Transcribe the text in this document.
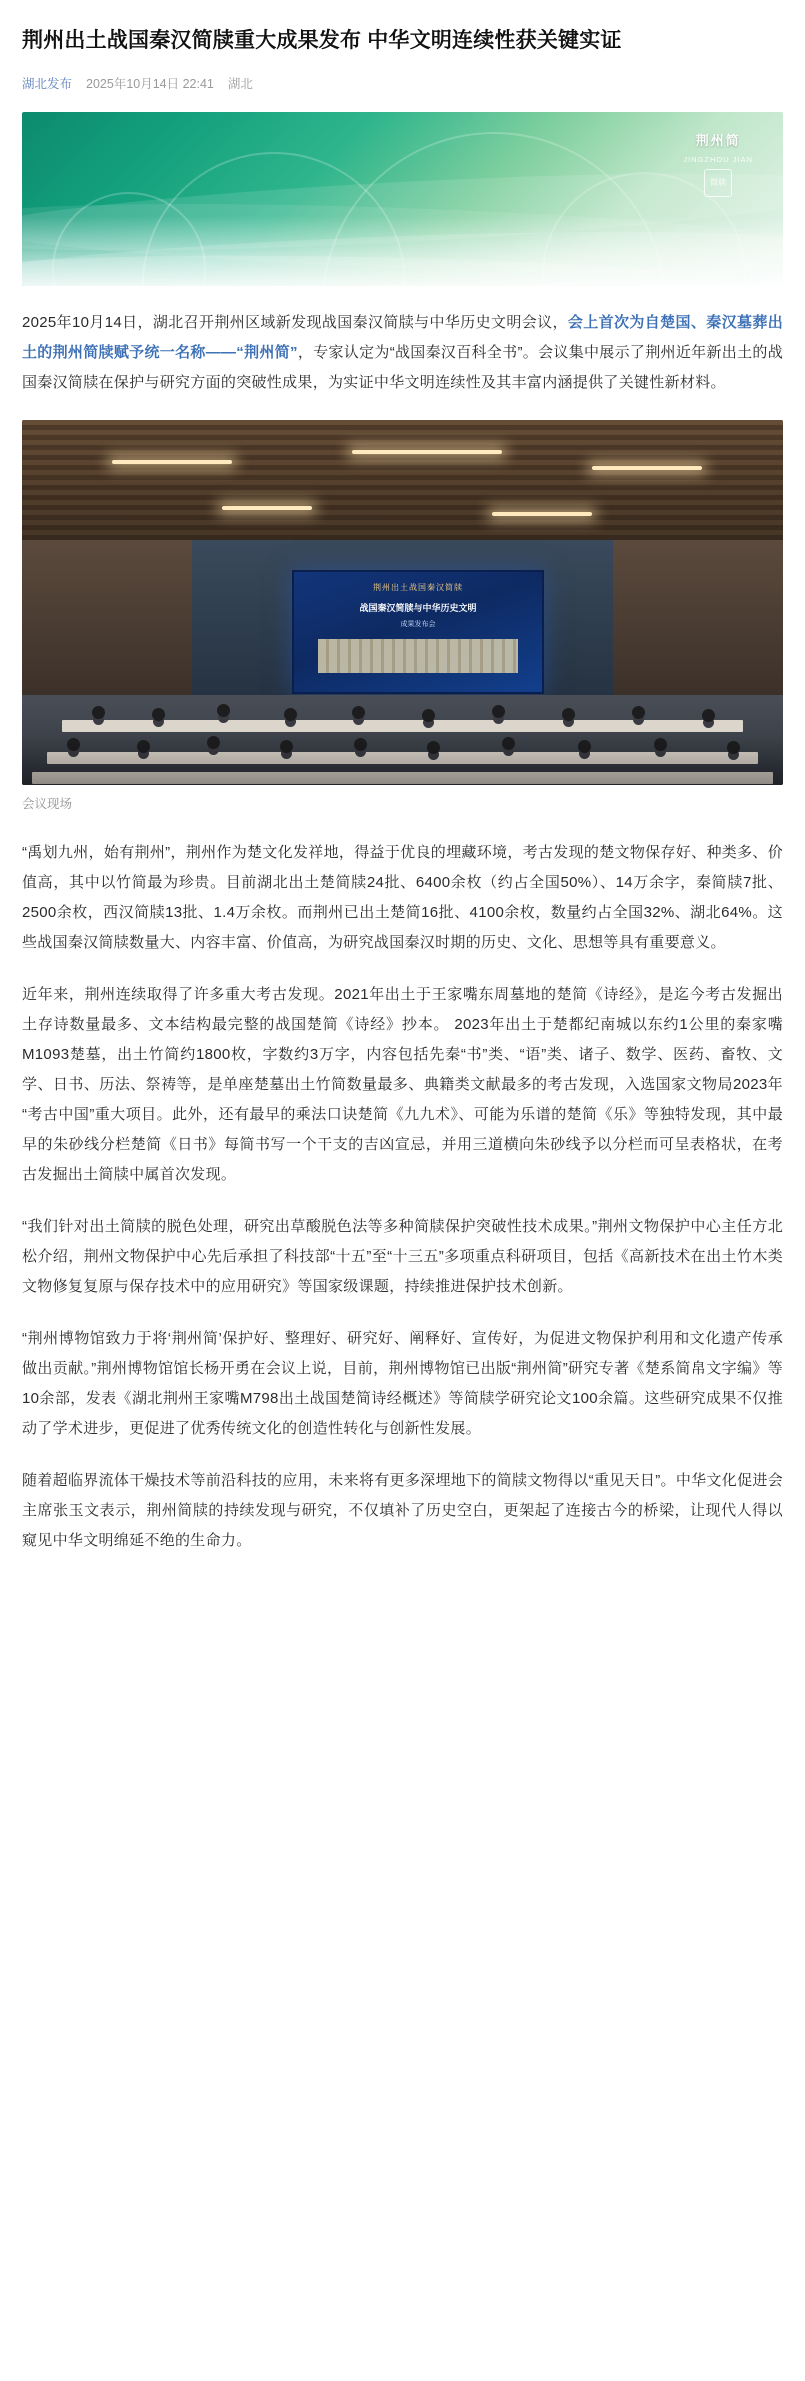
荆州出土战国秦汉简牍重大成果发布 中华文明连续性获关键实证
湖北发布 2025年10月14日 22:41 湖北
荆州简
JINGZHOU JIAN
简牍

2025年10月14日，湖北召开荆州区域新发现战国秦汉简牍与中华历史文明会议，会上首次为自楚国、秦汉墓葬出土的荆州简牍赋予统一名称——“荆州简”，专家认定为“战国秦汉百科全书”。会议集中展示了荆州近年新出土的战国秦汉简牍在保护与研究方面的突破性成果，为实证中华文明连续性及其丰富内涵提供了关键性新材料。

荆州出土战国秦汉简牍
战国秦汉简牍与中华历史文明
成果发布会
会议现场

“禹划九州，始有荆州”，荆州作为楚文化发祥地，得益于优良的埋藏环境，考古发现的楚文物保存好、种类多、价值高，其中以竹简最为珍贵。目前湖北出土楚简牍24批、6400余枚（约占全国50%）、14万余字，秦简牍7批、2500余枚，西汉简牍13批、1.4万余枚。而荆州已出土楚简16批、4100余枚，数量约占全国32%、湖北64%。这些战国秦汉简牍数量大、内容丰富、价值高，为研究战国秦汉时期的历史、文化、思想等具有重要意义。

近年来，荆州连续取得了许多重大考古发现。2021年出土于王家嘴东周墓地的楚简《诗经》，是迄今考古发掘出土存诗数量最多、文本结构最完整的战国楚简《诗经》抄本。 2023年出土于楚都纪南城以东约1公里的秦家嘴M1093楚墓，出土竹简约1800枚，字数约3万字，内容包括先秦“书”类、“语”类、诸子、数学、医药、畜牧、文学、日书、历法、祭祷等，是单座楚墓出土竹简数量最多、典籍类文献最多的考古发现，入选国家文物局2023年“考古中国”重大项目。此外，还有最早的乘法口诀楚简《九九术》、可能为乐谱的楚简《乐》等独特发现，其中最早的朱砂线分栏楚简《日书》每简书写一个干支的吉凶宣忌，并用三道横向朱砂线予以分栏而可呈表格状，在考古发掘出土简牍中属首次发现。

“我们针对出土简牍的脱色处理，研究出草酸脱色法等多种简牍保护突破性技术成果。”荆州文物保护中心主任方北松介绍，荆州文物保护中心先后承担了科技部“十五”至“十三五”多项重点科研项目，包括《高新技术在出土竹木类文物修复复原与保存技术中的应用研究》等国家级课题，持续推进保护技术创新。

“荆州博物馆致力于将‘荆州简’保护好、整理好、研究好、阐释好、宣传好，为促进文物保护利用和文化遗产传承做出贡献。”荆州博物馆馆长杨开勇在会议上说，目前，荆州博物馆已出版“荆州简”研究专著《楚系简帛文字编》等10余部，发表《湖北荆州王家嘴M798出土战国楚简诗经概述》等简牍学研究论文100余篇。这些研究成果不仅推动了学术进步，更促进了优秀传统文化的创造性转化与创新性发展。

随着超临界流体干燥技术等前沿科技的应用，未来将有更多深埋地下的简牍文物得以“重见天日”。中华文化促进会主席张玉文表示，荆州简牍的持续发现与研究，不仅填补了历史空白，更架起了连接古今的桥梁，让现代人得以窥见中华文明绵延不绝的生命力。
